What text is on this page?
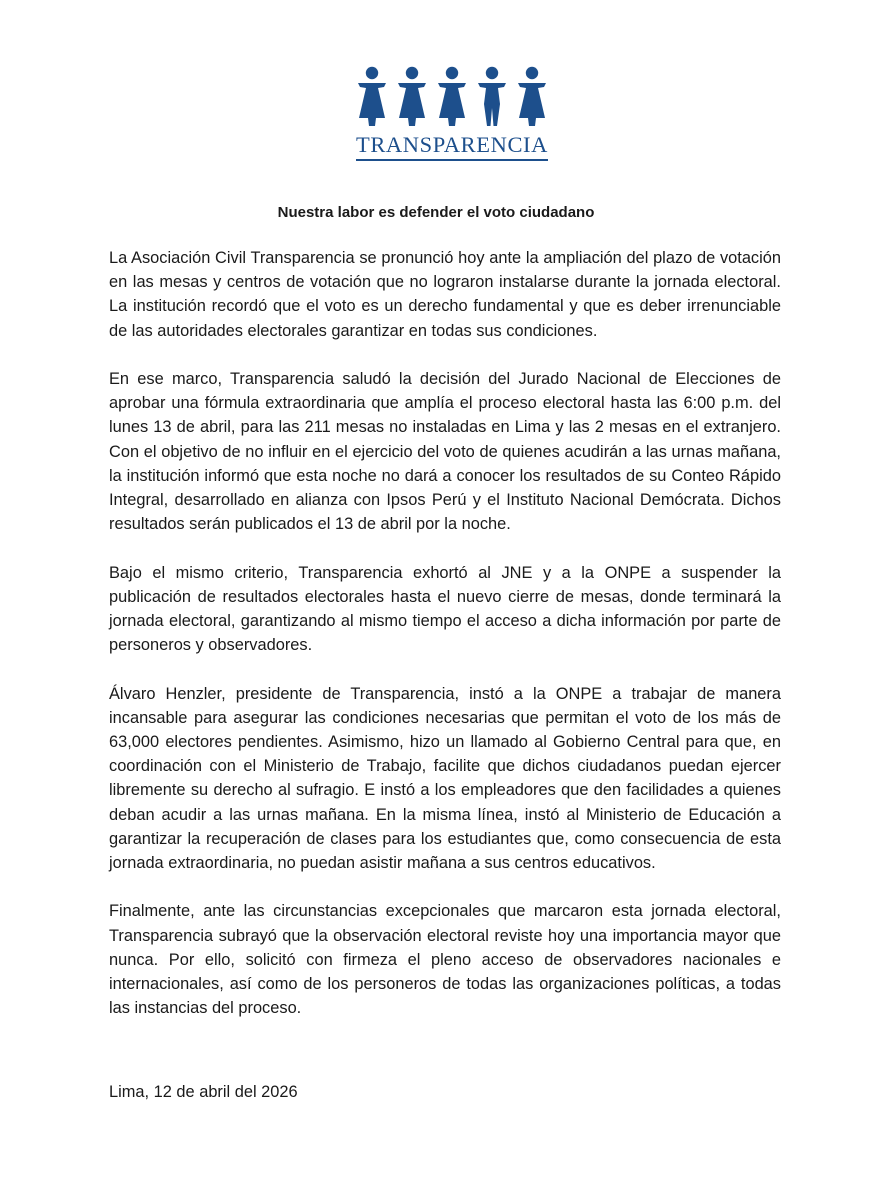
TRANSPARENCIA
Nuestra labor es defender el voto ciudadano

La Asociación Civil Transparencia se pronunció hoy ante la ampliación del plazo de votación en las mesas y centros de votación que no lograron instalarse durante la jornada electoral. La institución recordó que el voto es un derecho fundamental y que es deber irrenunciable de las autoridades electorales garantizar en todas sus condiciones.

En ese marco, Transparencia saludó la decisión del Jurado Nacional de Elecciones de aprobar una fórmula extraordinaria que amplía el proceso electoral hasta las 6:00 p.m. del lunes 13 de abril, para las 211 mesas no instaladas en Lima y las 2 mesas en el extranjero. Con el objetivo de no influir en el ejercicio del voto de quienes acudirán a las urnas mañana, la institución informó que esta noche no dará a conocer los resultados de su Conteo Rápido Integral, desarrollado en alianza con Ipsos Perú y el Instituto Nacional Demócrata. Dichos resultados serán publicados el 13 de abril por la noche.

Bajo el mismo criterio, Transparencia exhortó al JNE y a la ONPE a suspender la publicación de resultados electorales hasta el nuevo cierre de mesas, donde terminará la jornada electoral, garantizando al mismo tiempo el acceso a dicha información por parte de personeros y observadores.

Álvaro Henzler, presidente de Transparencia, instó a la ONPE a trabajar de manera incansable para asegurar las condiciones necesarias que permitan el voto de los más de 63,000 electores pendientes. Asimismo, hizo un llamado al Gobierno Central para que, en coordinación con el Ministerio de Trabajo, facilite que dichos ciudadanos puedan ejercer libremente su derecho al sufragio. E instó a los empleadores que den facilidades a quienes deban acudir a las urnas mañana. En la misma línea, instó al Ministerio de Educación a garantizar la recuperación de clases para los estudiantes que, como consecuencia de esta jornada extraordinaria, no puedan asistir mañana a sus centros educativos.

Finalmente, ante las circunstancias excepcionales que marcaron esta jornada electoral, Transparencia subrayó que la observación electoral reviste hoy una importancia mayor que nunca. Por ello, solicitó con firmeza el pleno acceso de observadores nacionales e internacionales, así como de los personeros de todas las organizaciones políticas, a todas las instancias del proceso.

Lima, 12 de abril del 2026
